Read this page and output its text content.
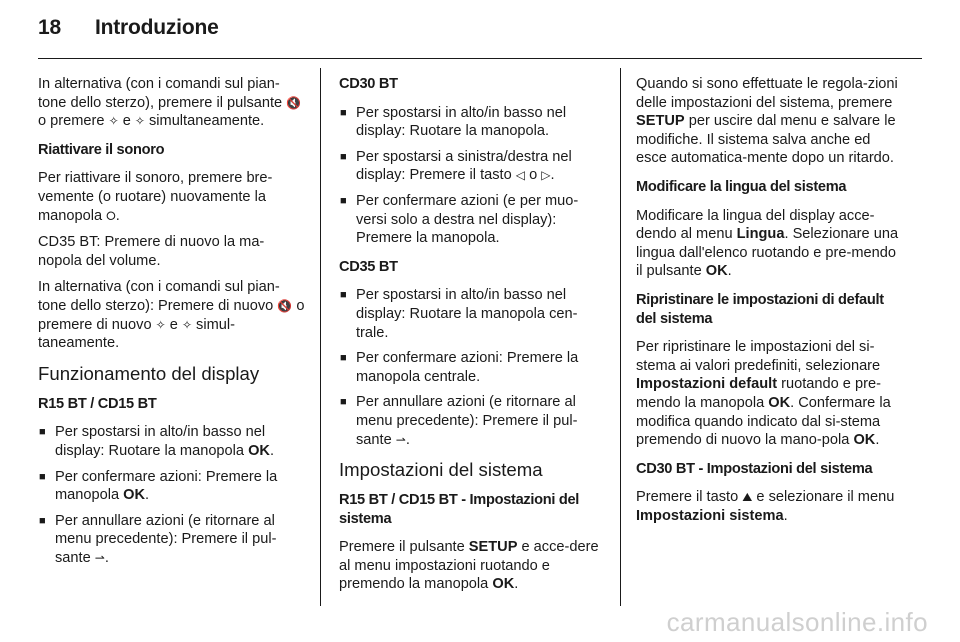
18 Introduzione

In alternativa (con i comandi sul pian-tone dello sterzo), premere il pulsante 🔇 o premere ✧ e ✧ simultaneamente.

Riattivare il sonoro

Per riattivare il sonoro, premere bre-vemente (o ruotare) nuovamente la manopola ⭘.

CD35 BT: Premere di nuovo la ma-nopola del volume.

In alternativa (con i comandi sul pian-tone dello sterzo): Premere di nuovo 🔇 o premere di nuovo ✧ e ✧ simul-taneamente.

Funzionamento del display

R15 BT / CD15 BT

■ Per spostarsi in alto/in basso nel display: Ruotare la manopola OK.
■ Per confermare azioni: Premere la manopola OK.
■ Per annullare azioni (e ritornare al menu precedente): Premere il pul-sante ⇀.

CD30 BT

■ Per spostarsi in alto/in basso nel display: Ruotare la manopola.
■ Per spostarsi a sinistra/destra nel display: Premere il tasto ◁ o ▷.
■ Per confermare azioni (e per muo-versi solo a destra nel display): Premere la manopola.

CD35 BT

■ Per spostarsi in alto/in basso nel display: Ruotare la manopola cen-trale.
■ Per confermare azioni: Premere la manopola centrale.
■ Per annullare azioni (e ritornare al menu precedente): Premere il pul-sante ⇀.

Impostazioni del sistema

R15 BT / CD15 BT - Impostazioni del sistema

Premere il pulsante SETUP e acce-dere al menu impostazioni ruotando e premendo la manopola OK.

Quando si sono effettuate le regola-zioni delle impostazioni del sistema, premere SETUP per uscire dal menu e salvare le modifiche. Il sistema salva anche ed esce automatica-mente dopo un ritardo.

Modificare la lingua del sistema

Modificare la lingua del display acce-dendo al menu Lingua. Selezionare una lingua dall'elenco ruotando e pre-mendo il pulsante OK.

Ripristinare le impostazioni di default del sistema

Per ripristinare le impostazioni del si-stema ai valori predefiniti, selezionare Impostazioni default ruotando e pre-mendo la manopola OK. Confermare la modifica quando indicato dal si-stema premendo di nuovo la mano-pola OK.

CD30 BT - Impostazioni del sistema

Premere il tasto ⛰ e selezionare il menu Impostazioni sistema.

carmanualsonline.info
